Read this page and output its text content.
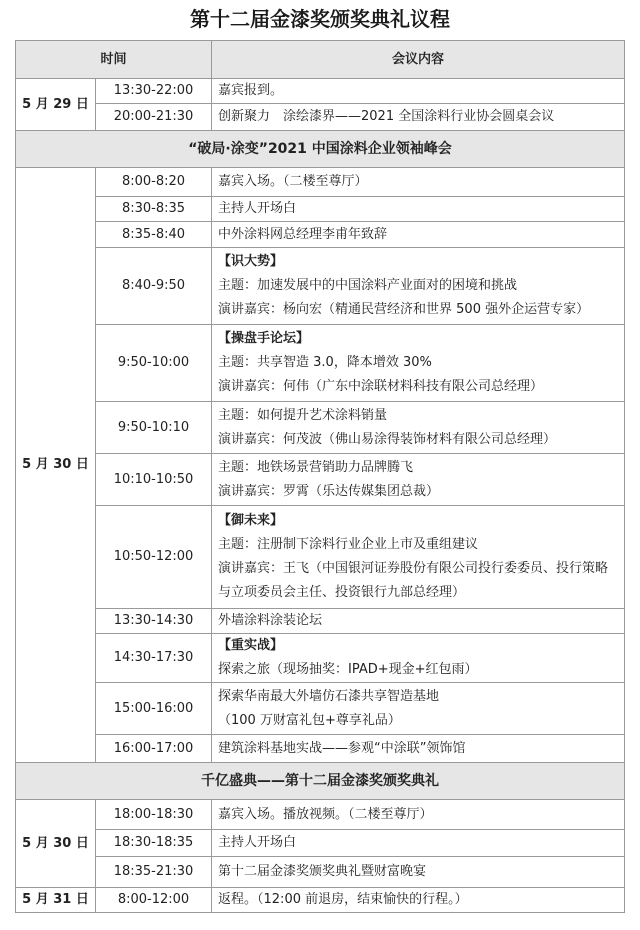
第十二届金漆奖颁奖典礼议程
时间		会议内容
5 月 29 日	13:30-22:00	嘉宾报到。

	20:00-21:30	创新聚力　涂绘漆界——2021 全国涂料行业协会圆桌会议

“破局·涂变”2021 中国涂料企业领袖峰会		
5 月 30 日	8:00-8:20	嘉宾入场。（二楼至尊厅）

	8:30-8:35	主持人开场白

	8:35-8:40	中外涂料网总经理李甫年致辞

	8:40-9:50	【识大势】
主题：加速发展中的中国涂料产业面对的困境和挑战
演讲嘉宾：杨向宏（精通民营经济和世界 500 强外企运营专家）

	9:50-10:00	【操盘手论坛】
主题：共享智造 3.0，降本增效 30%
演讲嘉宾：何伟（广东中涂联材料科技有限公司总经理）

	9:50-10:10	主题：如何提升艺术涂料销量
演讲嘉宾：何茂波（佛山易涂得装饰材料有限公司总经理）

	10:10-10:50	主题：地铁场景营销助力品牌腾飞
演讲嘉宾：罗霄（乐达传媒集团总裁）

	10:50-12:00	【御未来】
主题：注册制下涂料行业企业上市及重组建议
演讲嘉宾：王飞（中国银河证券股份有限公司投行委委员、投行策略
与立项委员会主任、投资银行九部总经理）

	13:30-14:30	外墙涂料涂装论坛

	14:30-17:30	【重实战】
探索之旅（现场抽奖：IPAD+现金+红包雨）

	15:00-16:00	探索华南最大外墙仿石漆共享智造基地
（100 万财富礼包+尊享礼品）

	16:00-17:00	建筑涂料基地实战——参观“中涂联”领饰馆

千亿盛典——第十二届金漆奖颁奖典礼		
5 月 30 日	18:00-18:30	嘉宾入场。播放视频。（二楼至尊厅）

	18:30-18:35	主持人开场白

	18:35-21:30	第十二届金漆奖颁奖典礼暨财富晚宴

5 月 31 日	8:00-12:00	返程。（12:00 前退房，结束愉快的行程。）
